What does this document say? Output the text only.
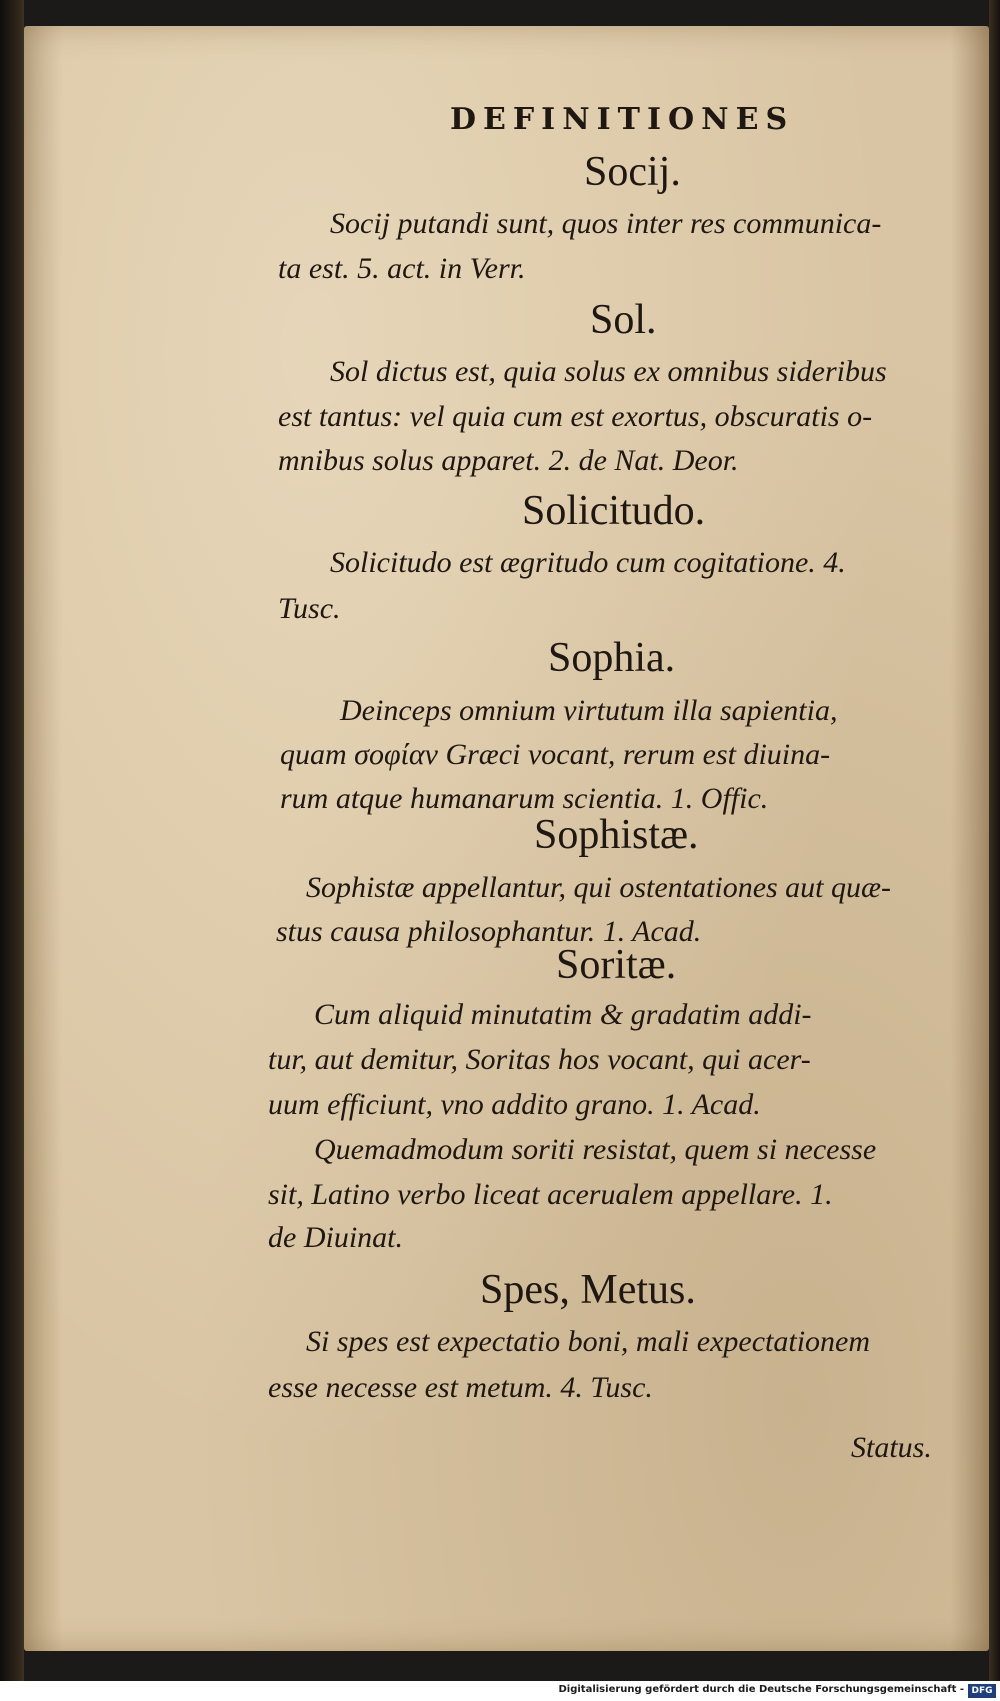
DEFINITIONES
Socij.
Socij putandi sunt, quos inter res communica-
ta est. 5. act. in Verr.
Sol.
Sol dictus est, quia solus ex omnibus sideribus
est tantus: vel quia cum est exortus, obscuratis o-
mnibus solus apparet. 2. de Nat. Deor.
Solicitudo.
Solicitudo est ægritudo cum cogitatione. 4.
Tusc.
Sophia.
Deinceps omnium virtutum illa sapientia,
quam σοφίαν Græci vocant, rerum est diuina-
rum atque humanarum scientia. 1. Offic.
Sophistæ.
Sophistæ appellantur, qui ostentationes aut quæ-
stus causa philosophantur. 1. Acad.
Soritæ.
Cum aliquid minutatim & gradatim addi-
tur, aut demitur, Soritas hos vocant, qui acer-
uum efficiunt, vno addito grano. 1. Acad.
Quemadmodum soriti resistat, quem si necesse
sit, Latino verbo liceat acerualem appellare. 1.
de Diuinat.
Spes, Metus.
Si spes est expectatio boni, mali expectationem
esse necesse est metum. 4. Tusc.
Status.
Digitalisierung gefördert durch die Deutsche Forschungsgemeinschaft - DFG
